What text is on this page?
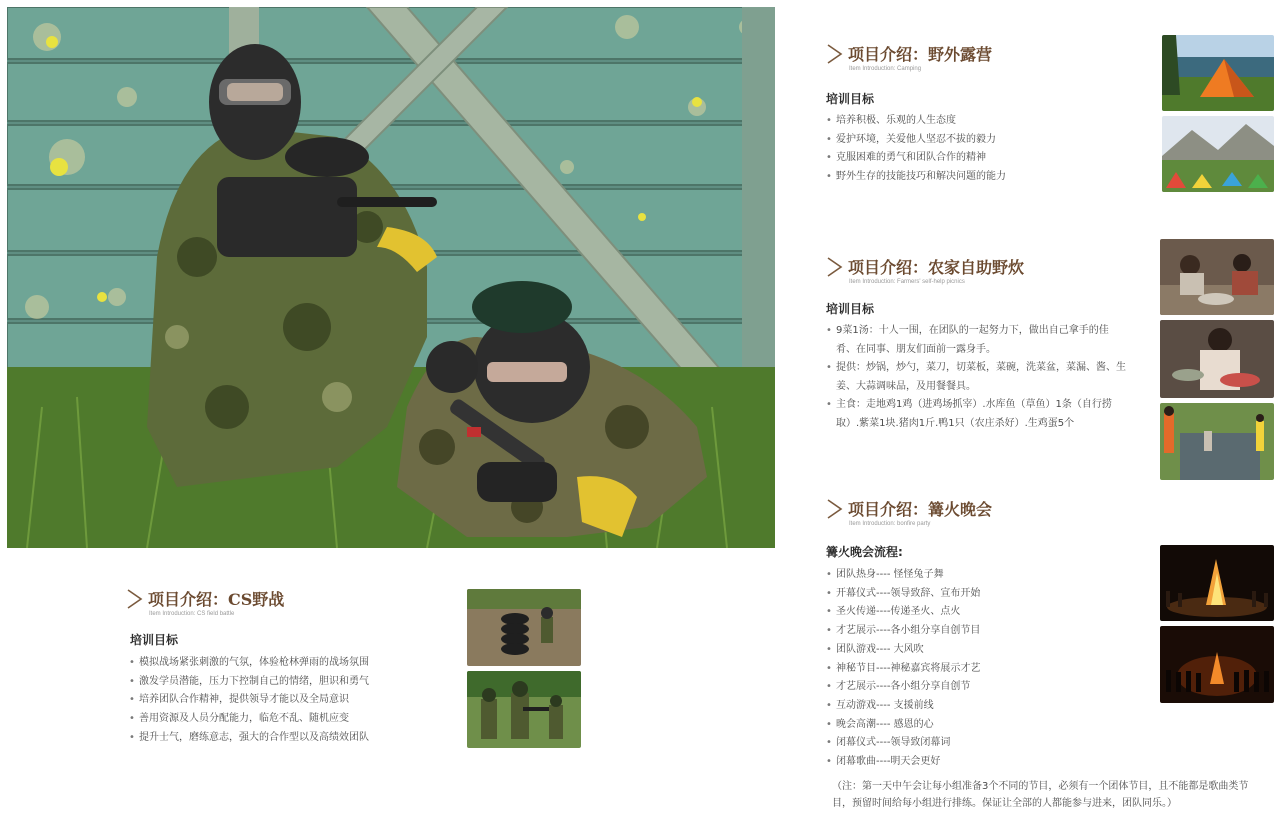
项目介绍：野外露营
Item Introduction: Camping
培训目标
• 培养积极、乐观的人生态度
• 爱护环境，关爱他人坚忍不拔的毅力
• 克服困难的勇气和团队合作的精神
• 野外生存的技能技巧和解决问题的能力
项目介绍：农家自助野炊
Item Introduction: Farmers' self-help picnics
培训目标
• 9菜1汤：十人一围，在团队的一起努力下，做出自己拿手的佳肴、在同事、朋友们面前一露身手。
• 提供：炒锅，炒勺，菜刀，切菜板，菜碗，洗菜盆，菜漏、酱、生姜、大蒜调味品，及用餐餐具。
• 主食：走地鸡1鸡（进鸡场抓宰）.水库鱼（草鱼）1条（自行捞取）.紫菜1块.猪肉1斤.鸭1只（农庄杀好）.生鸡蛋5个
项目介绍：篝火晚会
Item Introduction: bonfire party
篝火晚会流程:
• 团队热身---- 怪怪兔子舞
• 开幕仪式----领导致辞、宣布开始
• 圣火传递----传递圣火、点火
• 才艺展示----各小组分享自创节目
• 团队游戏---- 大风吹
• 神秘节目----神秘嘉宾将展示才艺
• 才艺展示----各小组分享自创节
• 互动游戏---- 支援前线
• 晚会高潮---- 感恩的心
• 闭幕仪式----领导致闭幕词
• 闭幕歌曲----明天会更好
（注：第一天中午会让每小组准备3个不同的节目，必须有一个团体节目，且不能都是歌曲类节目，预留时间给每小组进行排练。保证让全部的人都能参与进来，团队同乐。）
项目介绍：CS野战
Item Introduction: CS field battle
培训目标
• 模拟战场紧张刺激的气氛，体验枪林弹雨的战场氛围
• 激发学员潜能，压力下控制自己的情绪，胆识和勇气
• 培养团队合作精神，提供领导才能以及全局意识
• 善用资源及人员分配能力，临危不乱、随机应变
• 提升士气，磨练意志，强大的合作型以及高绩效团队
